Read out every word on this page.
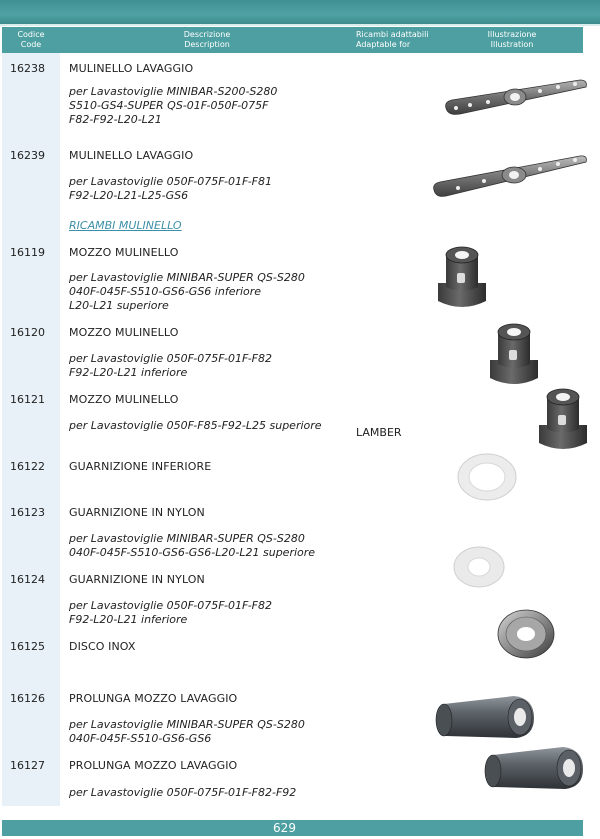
Codice
Code
Descrizione
Description
Ricambi adattabili
Adaptable for
Illustrazione
Illustration
16238 MULINELLO LAVAGGIO
per Lavastoviglie MINIBAR-S200-S280
S510-GS4-SUPER QS-01F-050F-075F
F82-F92-L20-L21
16239 MULINELLO LAVAGGIO
per Lavastoviglie 050F-075F-01F-F81
F92-L20-L21-L25-GS6
RICAMBI MULINELLO
16119 MOZZO MULINELLO
per Lavastoviglie MINIBAR-SUPER QS-S280
040F-045F-S510-GS6-GS6 inferiore
L20-L21 superiore
16120 MOZZO MULINELLO
per Lavastoviglie 050F-075F-01F-F82
F92-L20-L21 inferiore
16121 MOZZO MULINELLO
per Lavastoviglie 050F-F85-F92-L25 superiore
LAMBER
16122 GUARNIZIONE INFERIORE
16123 GUARNIZIONE IN NYLON
per Lavastoviglie MINIBAR-SUPER QS-S280
040F-045F-S510-GS6-GS6-L20-L21 superiore
16124 GUARNIZIONE IN NYLON
per Lavastoviglie 050F-075F-01F-F82
F92-L20-L21 inferiore
16125 DISCO INOX
16126 PROLUNGA MOZZO LAVAGGIO
per Lavastoviglie MINIBAR-SUPER QS-S280
040F-045F-S510-GS6-GS6
16127 PROLUNGA MOZZO LAVAGGIO
per Lavastoviglie 050F-075F-01F-F82-F92
629
